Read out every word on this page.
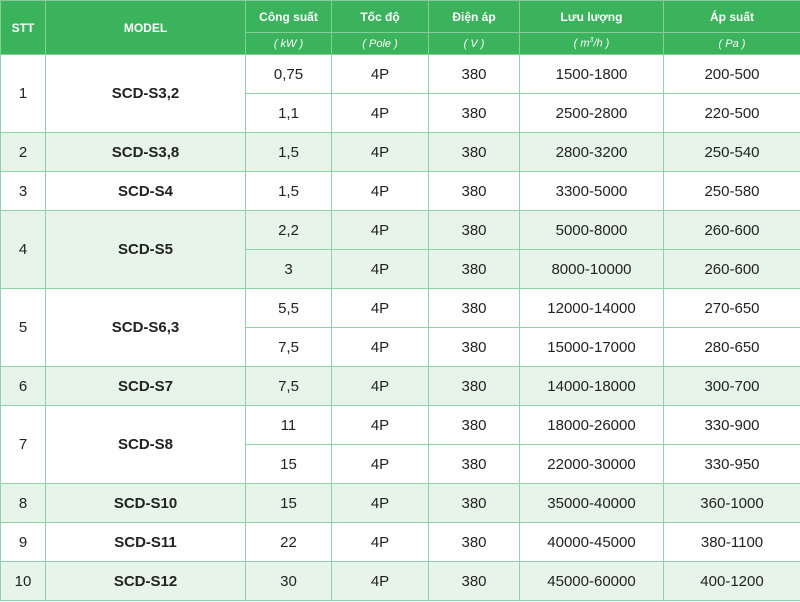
STT	MODEL	Công suất	Tốc độ	Điện áp	Lưu lượng	Áp suất
		( kW )	( Pole )	( V )	( $m^3/h$ )	( Pa )
1	SCD-S3,2	0,75	4P	380	1500-1800	200-500
		1,1	4P	380	2500-2800	220-500
2	SCD-S3,8	1,5	4P	380	2800-3200	250-540
3	SCD-S4	1,5	4P	380	3300-5000	250-580
4	SCD-S5	2,2	4P	380	5000-8000	260-600
		3	4P	380	8000-10000	260-600
5	SCD-S6,3	5,5	4P	380	12000-14000	270-650
		7,5	4P	380	15000-17000	280-650
6	SCD-S7	7,5	4P	380	14000-18000	300-700
7	SCD-S8	11	4P	380	18000-26000	330-900
		15	4P	380	22000-30000	330-950
8	SCD-S10	15	4P	380	35000-40000	360-1000
9	SCD-S11	22	4P	380	40000-45000	380-1100
10	SCD-S12	30	4P	380	45000-60000	400-1200
